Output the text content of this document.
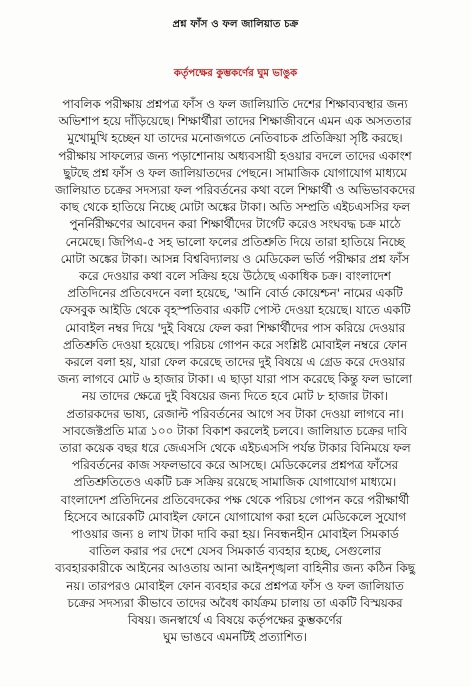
প্রশ্ন ফাঁস ও ফল জালিয়াত চক্র
কর্তৃপক্ষের কুম্ভকর্ণের ঘুম ভাঙুক
পাবলিক পরীক্ষায় প্রশ্নপত্র ফাঁস ও ফল জালিয়াতি দেশের শিক্ষাব্যবস্থার জন্য
অভিশাপ হয়ে দাঁড়িয়েছে। শিক্ষার্থীরা তাদের শিক্ষাজীবনে এমন এক অসততার
মুখোমুখি হচ্ছেন যা তাদের মনোজগতে নেতিবাচক প্রতিক্রিয়া সৃষ্টি করছে।
পরীক্ষায় সাফল্যের জন্য পড়াশোনায় অধ্যবসায়ী হওয়ার বদলে তাদের একাংশ
ছুটছে প্রশ্ন ফাঁস ও ফল জালিয়াতদের পেছনে। সামাজিক যোগাযোগ মাধ্যমে
জালিয়াত চক্রের সদস্যরা ফল পরিবর্তনের কথা বলে শিক্ষার্থী ও অভিভাবকদের
কাছ থেকে হাতিয়ে নিচ্ছে মোটা অঙ্কের টাকা। অতি সম্প্রতি এইচএসসির ফল
পুনর্নিরীক্ষণের আবেদন করা শিক্ষার্থীদের টার্গেট করেও সংঘবদ্ধ চক্র মাঠে
নেমেছে। জিপিএ-৫ সহ ভালো ফলের প্রতিশ্রুতি দিয়ে তারা হাতিয়ে নিচ্ছে
মোটা অঙ্কের টাকা। আসন্ন বিশ্ববিদ্যালয় ও মেডিকেল ভর্তি পরীক্ষার প্রশ্ন ফাঁস
করে দেওয়ার কথা বলে সক্রিয় হয়ে উঠেছে একাধিক চক্র। বাংলাদেশ
প্রতিদিনের প্রতিবেদনে বলা হয়েছে, 'আনি বোর্ড কোয়েশ্চন' নামের একটি
ফেসবুক আইডি থেকে বৃহস্পতিবার একটি পোস্ট দেওয়া হয়েছে। যাতে একটি
মোবাইল নম্বর দিয়ে 'দুই বিষয়ে ফেল করা শিক্ষার্থীদের পাস করিয়ে দেওয়ার
প্রতিশ্রুতি দেওয়া হয়েছে। পরিচয় গোপন করে সংশ্লিষ্ট মোবাইল নম্বরে ফোন
করলে বলা হয়, যারা ফেল করেছে তাদের দুই বিষয়ে এ গ্রেড করে দেওয়ার
জন্য লাগবে মোট ৬ হাজার টাকা। এ ছাড়া যারা পাস করেছে কিন্তু ফল ভালো
নয় তাদের ক্ষেত্রে দুই বিষয়ের জন্য দিতে হবে মোট ৮ হাজার টাকা।
প্রতারকদের ভাষ্য, রেজাল্ট পরিবর্তনের আগে সব টাকা দেওয়া লাগবে না।
সাবজেক্টপ্রতি মাত্র ১০০ টাকা বিকাশ করলেই চলবে। জালিয়াত চক্রের দাবি
তারা কয়েক বছর ধরে জেএসসি থেকে এইচএসসি পর্যন্ত টাকার বিনিময়ে ফল
পরিবর্তনের কাজ সফলভাবে করে আসছে। মেডিকেলের প্রশ্নপত্র ফাঁসের
প্রতিশ্রুতিতেও একটি চক্র সক্রিয় রয়েছে সামাজিক যোগাযোগ মাধ্যমে।
বাংলাদেশ প্রতিদিনের প্রতিবেদকের পক্ষ থেকে পরিচয় গোপন করে পরীক্ষার্থী
হিসেবে আরেকটি মোবাইল ফোনে যোগাযোগ করা হলে মেডিকেলে সুযোগ
পাওয়ার জন্য ৪ লাখ টাকা দাবি করা হয়। নিবন্ধনহীন মোবাইল সিমকার্ড
বাতিল করার পর দেশে যেসব সিমকার্ড ব্যবহার হচ্ছে, সেগুলোর
ব্যবহারকারীকে আইনের আওতায় আনা আইনশৃঙ্খলা বাহিনীর জন্য কঠিন কিছু
নয়। তারপরও মোবাইল ফোন ব্যবহার করে প্রশ্নপত্র ফাঁস ও ফল জালিয়াত
চক্রের সদস্যরা কীভাবে তাদের অবৈধ কার্যক্রম চালায় তা একটি বিস্ময়কর
বিষয়। জনস্বার্থে এ বিষয়ে কর্তৃপক্ষের কুম্ভকর্ণের
ঘুম ভাঙবে এমনটিই প্রত্যাশিত।
